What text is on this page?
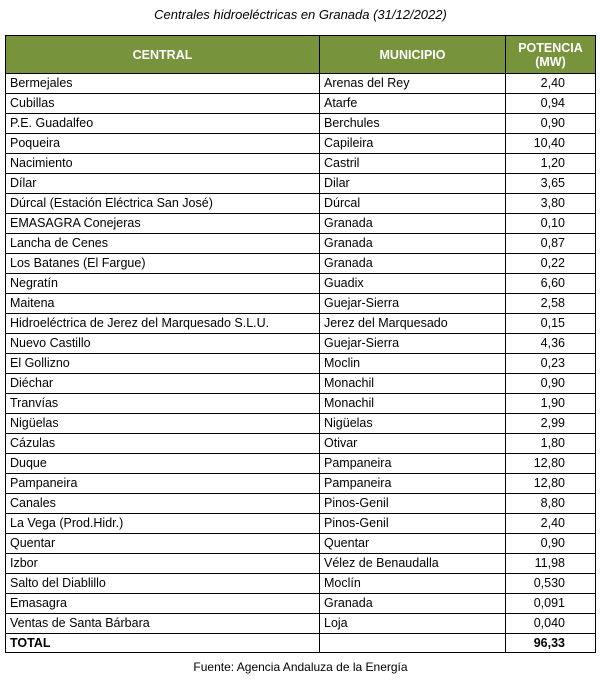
Centrales hidroeléctricas en Granada (31/12/2022)
CENTRAL	MUNICIPIO	POTENCIA
(MW)
Bermejales	Arenas del Rey	2,40
Cubillas	Atarfe	0,94
P.E. Guadalfeo	Berchules	0,90
Poqueira	Capileira	10,40
Nacimiento	Castril	1,20
Dílar	Dilar	3,65
Dúrcal (Estación Eléctrica San José)	Dúrcal	3,80
EMASAGRA Conejeras	Granada	0,10
Lancha de Cenes	Granada	0,87
Los Batanes (El Fargue)	Granada	0,22
Negratín	Guadix	6,60
Maitena	Guejar-Sierra	2,58
Hidroeléctrica de Jerez del Marquesado S.L.U.	Jerez del Marquesado	0,15
Nuevo Castillo	Guejar-Sierra	4,36
El Gollizno	Moclin	0,23
Diéchar	Monachil	0,90
Tranvías	Monachil	1,90
Nigüelas	Nigüelas	2,99
Cázulas	Otivar	1,80
Duque	Pampaneira	12,80
Pampaneira	Pampaneira	12,80
Canales	Pinos-Genil	8,80
La Vega (Prod.Hidr.)	Pinos-Genil	2,40
Quentar	Quentar	0,90
Izbor	Vélez de Benaudalla	11,98
Salto del Diablillo	Moclín	0,530
Emasagra	Granada	0,091
Ventas de Santa Bárbara	Loja	0,040
TOTAL		96,33
Fuente: Agencia Andaluza de la Energía
